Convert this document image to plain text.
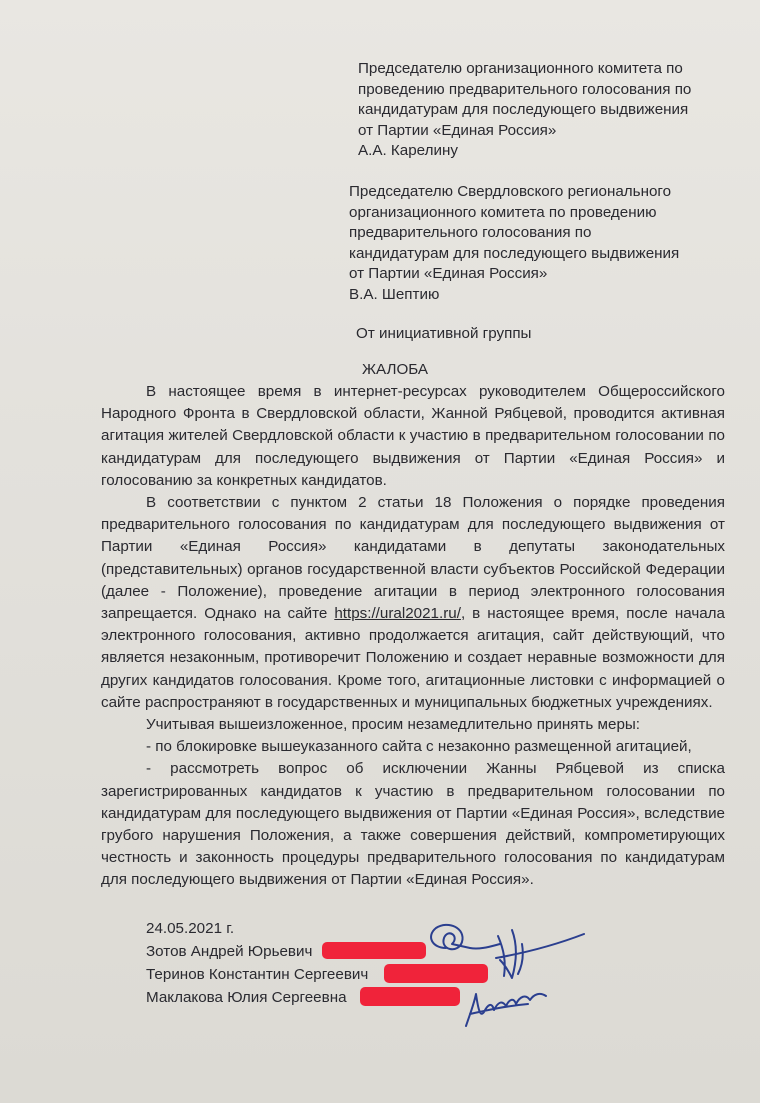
Председателю организационного комитета по
проведению предварительного голосования по
кандидатурам для последующего выдвижения
от Партии «Единая Россия»
А.А. Карелину
Председателю Свердловского регионального
организационного комитета по проведению
предварительного голосования по
кандидатурам для последующего выдвижения
от Партии «Единая Россия»
В.А. Шептию
От инициативной группы
ЖАЛОБА

В настоящее время в интернет-ресурсах руководителем Общероссийского Народного Фронта в Свердловской области, Жанной Рябцевой, проводится активная агитация жителей Свердловской области к участию в предварительном голосовании по кандидатурам для последующего выдвижения от Партии «Единая Россия» и голосованию за конкретных кандидатов.

В соответствии с пунктом 2 статьи 18 Положения о порядке проведения предварительного голосования по кандидатурам для последующего выдвижения от Партии «Единая Россия» кандидатами в депутаты законодательных (представительных) органов государственной власти субъектов Российской Федерации (далее - Положение), проведение агитации в период электронного голосования запрещается. Однако на сайте https://ural2021.ru/, в настоящее время, после начала электронного голосования, активно продолжается агитация, сайт действующий, что является незаконным, противоречит Положению и создает неравные возможности для других кандидатов голосования. Кроме того, агитационные листовки с информацией о сайте распространяют в государственных и муниципальных бюджетных учреждениях.

Учитывая вышеизложенное, просим незамедлительно принять меры:

- по блокировке вышеуказанного сайта с незаконно размещенной агитацией,

- рассмотреть вопрос об исключении Жанны Рябцевой из списка зарегистрированных кандидатов к участию в предварительном голосовании по кандидатурам для последующего выдвижения от Партии «Единая Россия», вследствие грубого нарушения Положения, а также совершения действий, компрометирующих честность и законность процедуры предварительного голосования по кандидатурам для последующего выдвижения от Партии «Единая Россия».

24.05.2021 г.
Зотов Андрей Юрьевич
Теринов Константин Сергеевич
Маклакова Юлия Сергеевна
